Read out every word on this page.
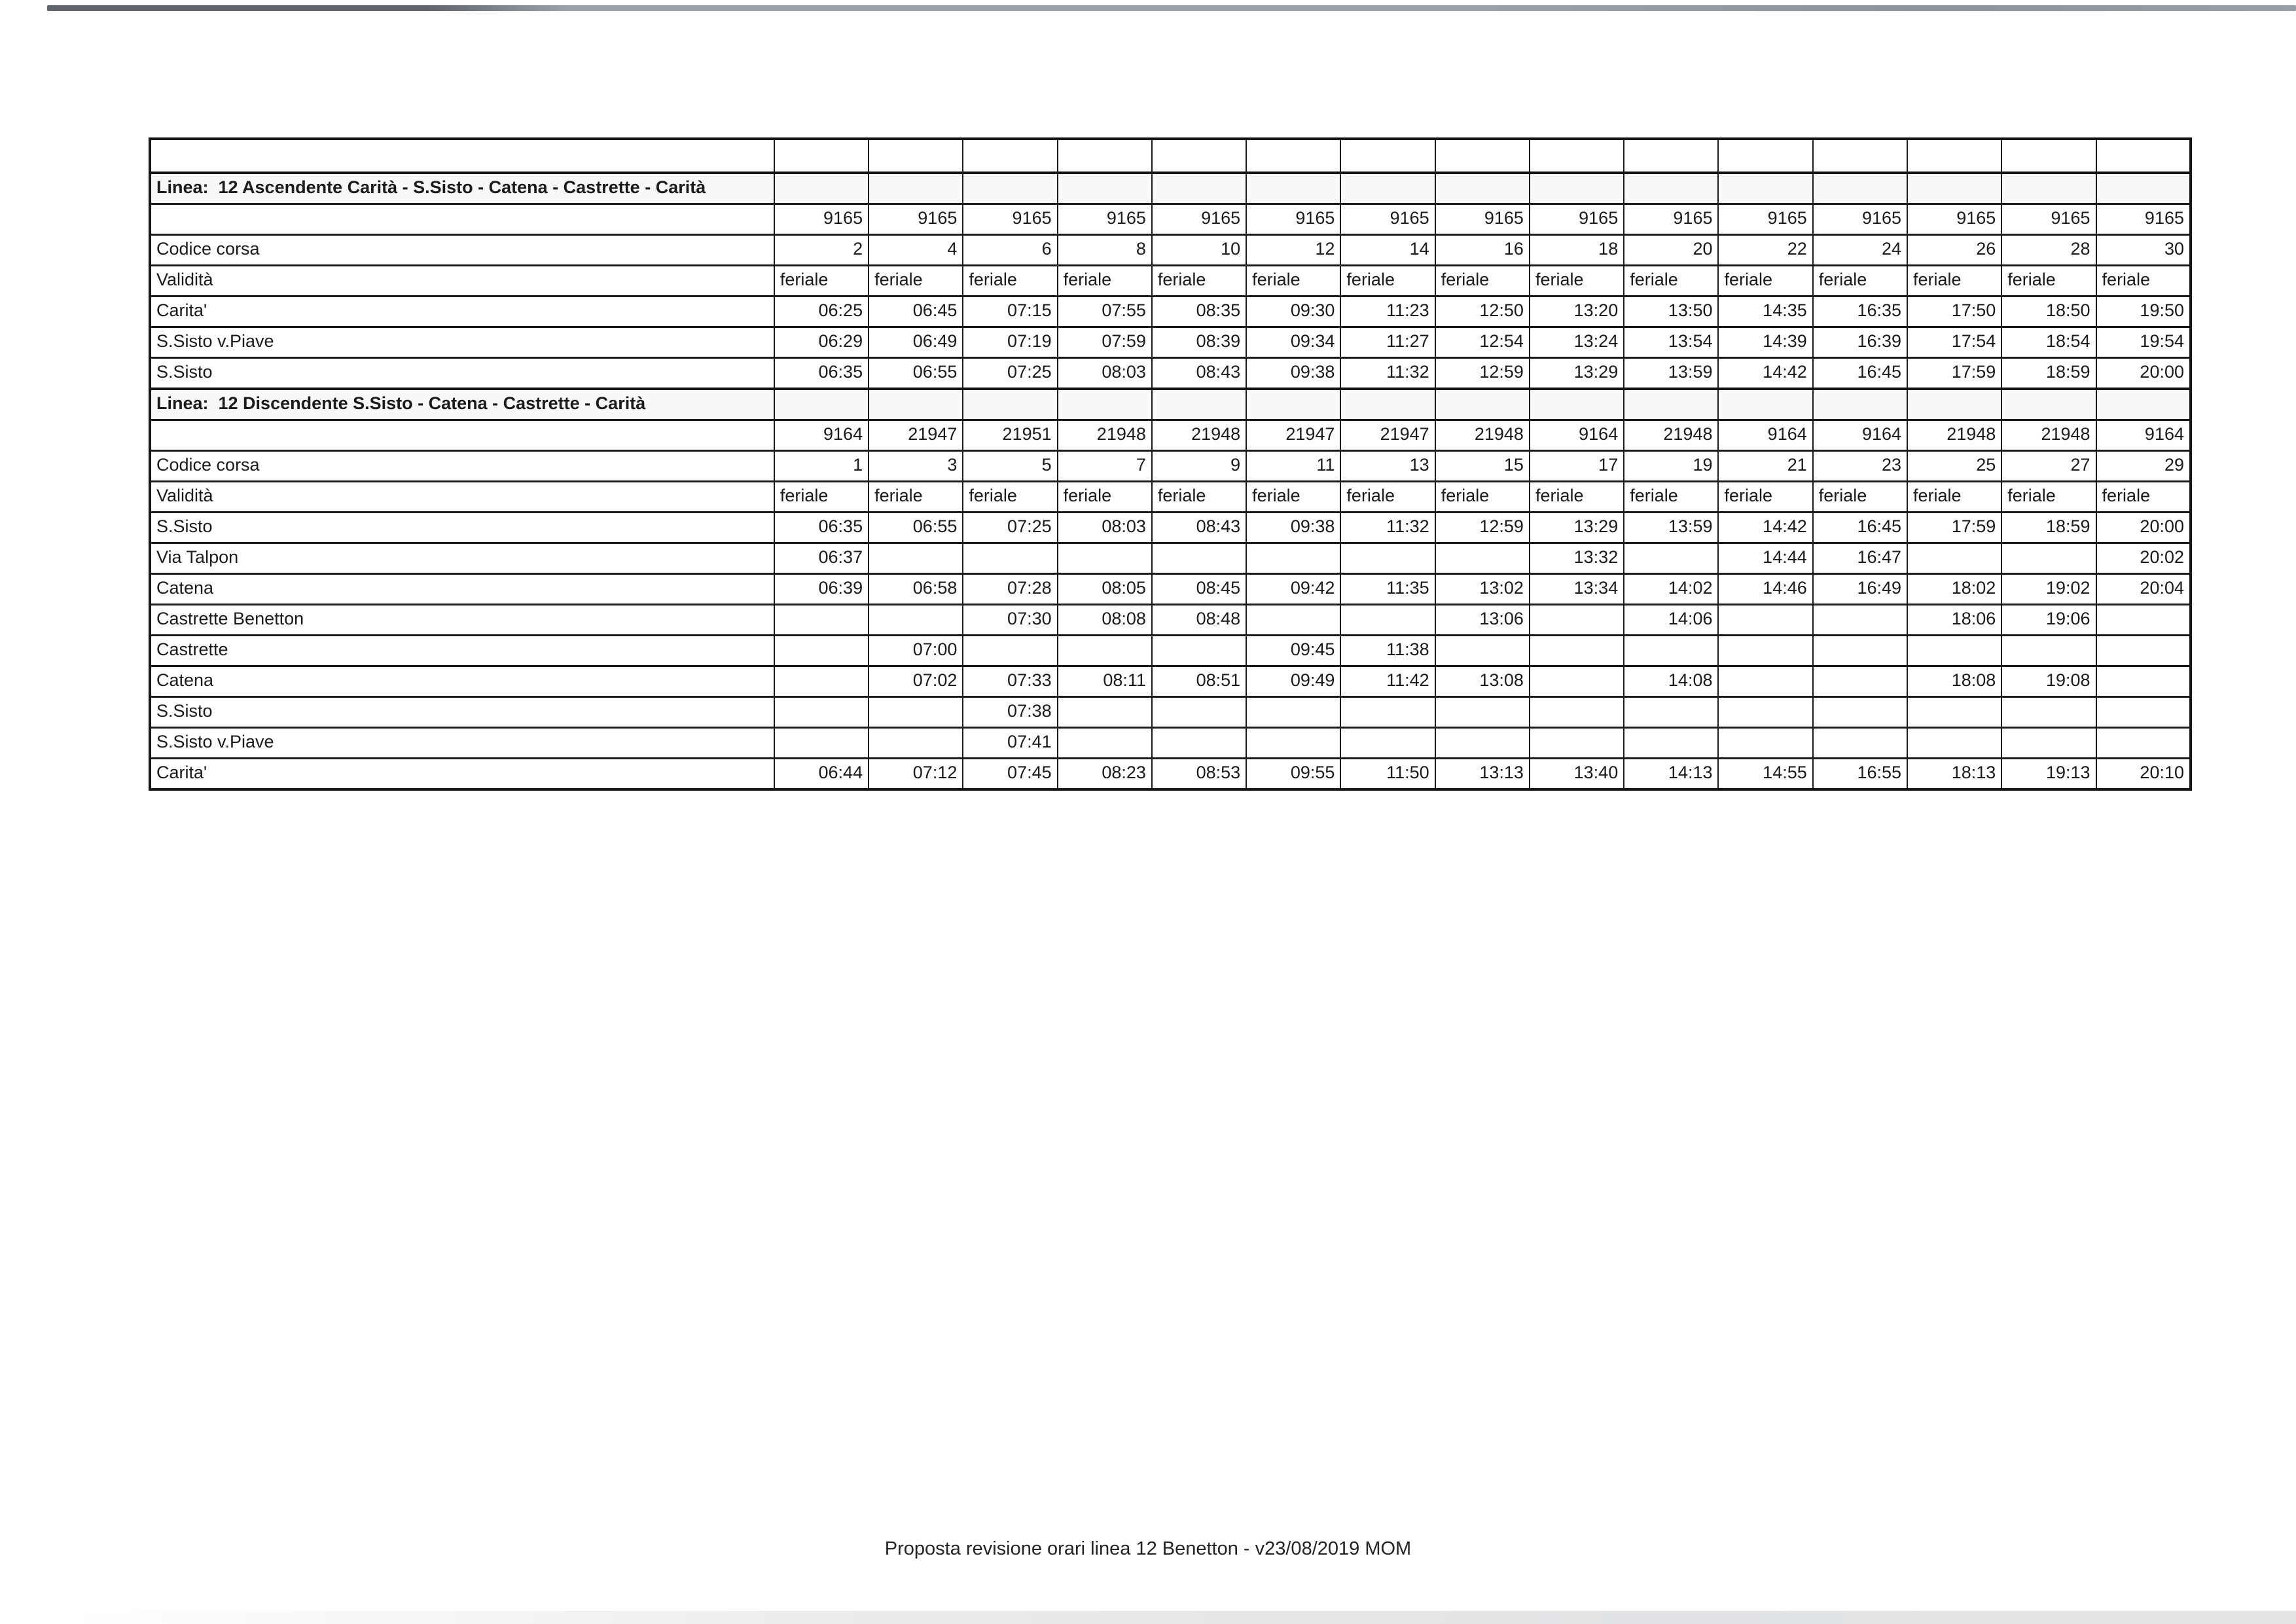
Linea:  12 Ascendente Carità - S.Sisto - Catena - Castrette - Carità															
	9165	9165	9165	9165	9165	9165	9165	9165	9165	9165	9165	9165	9165	9165	9165
Codice corsa	2	4	6	8	10	12	14	16	18	20	22	24	26	28	30
Validità	feriale	feriale	feriale	feriale	feriale	feriale	feriale	feriale	feriale	feriale	feriale	feriale	feriale	feriale	feriale
Carita'	06:25	06:45	07:15	07:55	08:35	09:30	11:23	12:50	13:20	13:50	14:35	16:35	17:50	18:50	19:50
S.Sisto v.Piave	06:29	06:49	07:19	07:59	08:39	09:34	11:27	12:54	13:24	13:54	14:39	16:39	17:54	18:54	19:54
S.Sisto	06:35	06:55	07:25	08:03	08:43	09:38	11:32	12:59	13:29	13:59	14:42	16:45	17:59	18:59	20:00
Linea:  12 Discendente S.Sisto - Catena - Castrette - Carità															
	9164	21947	21951	21948	21948	21947	21947	21948	9164	21948	9164	9164	21948	21948	9164
Codice corsa	1	3	5	7	9	11	13	15	17	19	21	23	25	27	29
Validità	feriale	feriale	feriale	feriale	feriale	feriale	feriale	feriale	feriale	feriale	feriale	feriale	feriale	feriale	feriale
S.Sisto	06:35	06:55	07:25	08:03	08:43	09:38	11:32	12:59	13:29	13:59	14:42	16:45	17:59	18:59	20:00
Via Talpon	06:37								13:32		14:44	16:47			20:02
Catena	06:39	06:58	07:28	08:05	08:45	09:42	11:35	13:02	13:34	14:02	14:46	16:49	18:02	19:02	20:04
Castrette Benetton			07:30	08:08	08:48			13:06		14:06			18:06	19:06	
Castrette		07:00				09:45	11:38								
Catena		07:02	07:33	08:11	08:51	09:49	11:42	13:08		14:08			18:08	19:08	
S.Sisto			07:38												
S.Sisto v.Piave			07:41												
Carita'	06:44	07:12	07:45	08:23	08:53	09:55	11:50	13:13	13:40	14:13	14:55	16:55	18:13	19:13	20:10
Proposta revisione orari linea 12 Benetton - v23/08/2019 MOM
